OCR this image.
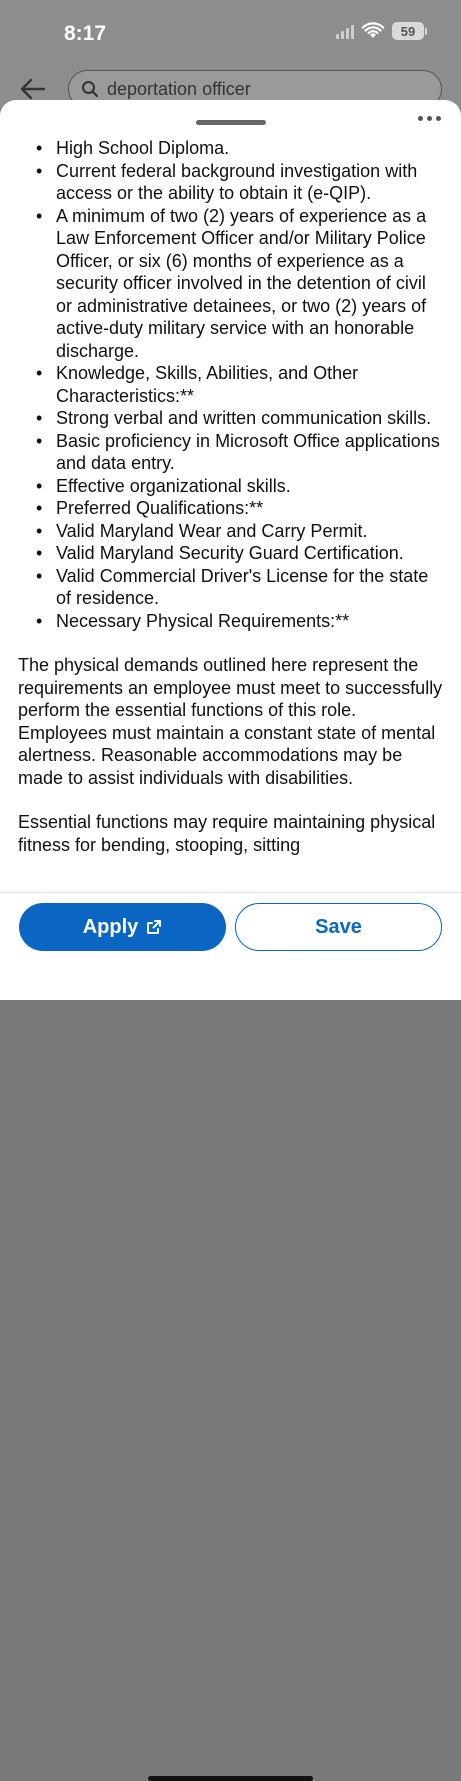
8:17	59
deportation officer
• High School Diploma.
• Current federal background investigation with access or the ability to obtain it (e-QIP).
• A minimum of two (2) years of experience as a Law Enforcement Officer and/or Military Police Officer, or six (6) months of experience as a security officer involved in the detention of civil or administrative detainees, or two (2) years of active-duty military service with an honorable discharge.
• Knowledge, Skills, Abilities, and Other Characteristics:**
• Strong verbal and written communication skills.
• Basic proficiency in Microsoft Office applications and data entry.
• Effective organizational skills.
• Preferred Qualifications:**
• Valid Maryland Wear and Carry Permit.
• Valid Maryland Security Guard Certification.
• Valid Commercial Driver's License for the state of residence.
• Necessary Physical Requirements:**

The physical demands outlined here represent the requirements an employee must meet to successfully perform the essential functions of this role. Employees must maintain a constant state of mental alertness. Reasonable accommodations may be made to assist individuals with disabilities.

Essential functions may require maintaining physical fitness for bending, stooping, sitting

Apply	Save
